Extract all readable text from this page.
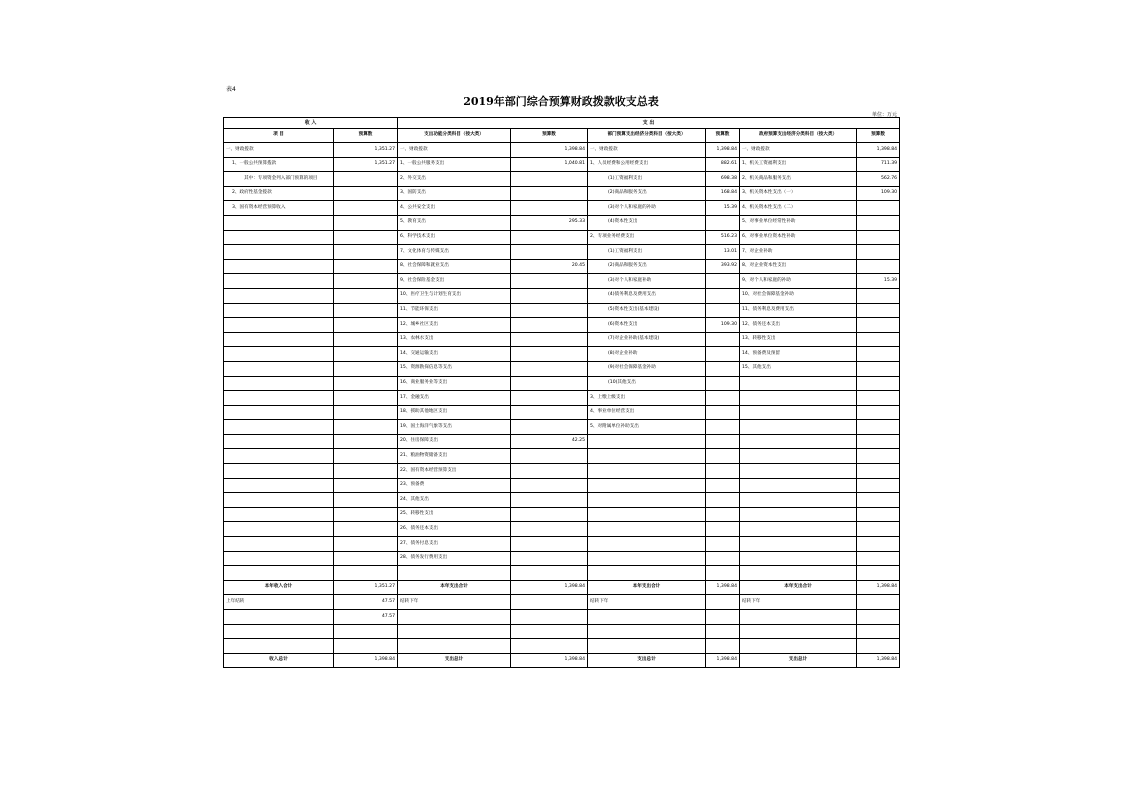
表4
2019年部门综合预算财政拨款收支总表
单位：万元
收 入		支 出					
项 目	预算数	支出功能分类科目（按大类）	预算数	部门预算支出经济分类科目（按大类）	预算数	政府预算支出经济分类科目（按大类）	预算数
一、财政拨款	1,351.27	一、财政拨款	1,398.84	一、财政拨款	1,398.84	一、财政拨款	1,398.84
1、一般公共预算拨款	1,351.27	1、一般公共服务支出	1,040.81	1、人员经费和公用经费支出	882.61	1、机关工资福利支出	711.39
其中：专项资金列入部门预算的项目		2、外交支出		(1)工资福利支出	698.38	2、机关商品和服务支出	562.76
2、政府性基金拨款		3、国防支出		(2)商品和服务支出	168.84	3、机关资本性支出（一）	109.30
3、国有资本经营预算收入		4、公共安全支出		(3)对个人和家庭的补助	15.39	4、机关资本性支出（二）	
		5、教育支出	295.33	(4)资本性支出		5、对事业单位经常性补助	
		6、科学技术支出		2、专项业务经费支出	516.23	6、对事业单位资本性补助	
		7、文化体育与传媒支出		(1)工资福利支出	13.01	7、对企业补助	
		8、社会保障和就业支出	20.45	(2)商品和服务支出	393.92	8、对企业资本性支出	
		9、社会保险基金支出		(3)对个人和家庭补助		9、对个人和家庭的补助	15.39
		10、医疗卫生与计划生育支出		(4)债务利息及费用支出		10、对社会保障基金补助	
		11、节能环保支出		(5)资本性支出(基本建设)		11、债务利息及费用支出	
		12、城乡社区支出		(6)资本性支出	109.30	12、债务还本支出	
		13、农林水支出		(7)对企业补助(基本建设)		13、转移性支出	
		14、交通运输支出		(8)对企业补助		14、预备费及预留	
		15、资源勘探信息等支出		(9)对社会保障基金补助		15、其他支出	
		16、商业服务业等支出		(10)其他支出			
		17、金融支出		3、上缴上级支出			
		18、援助其他地区支出		4、事业单位经营支出			
		19、国土海洋气象等支出		5、对附属单位补助支出			
		20、住房保障支出	42.25				
		21、粮油物资储备支出					
		22、国有资本经营预算支出					
		23、预备费					
		24、其他支出					
		25、转移性支出					
		26、债务还本支出					
		27、债务付息支出					
		28、债务发行费用支出					

本年收入合计	1,351.27	本年支出合计	1,398.84	本年支出合计	1,398.84	本年支出合计	1,398.84
上年结转	47.57	结转下年		结转下年		结转下年	
	47.57						

收入总计	1,398.84	支出总计	1,398.84	支出总计	1,398.84	支出总计	1,398.84
